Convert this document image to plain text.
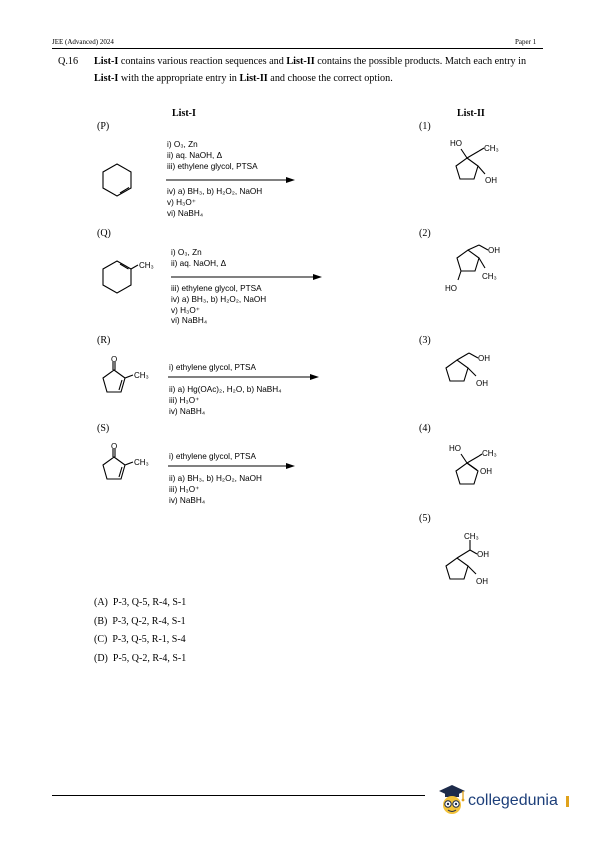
JEE (Advanced) 2024	Paper 1
Q.16 List-I contains various reaction sequences and List-II contains the possible products. Match each entry in List-I with the appropriate entry in List-II and choose the correct option.
List-I	List-II
(P)
(Q)
(R)
(S)
(1)
(2)
(3)
(4)
(5)
CH₃
O
CH₃
O
CH₃
i) O₃, Zn
ii) aq. NaOH, Δ
iii) ethylene glycol, PTSA
iv) a) BH₃, b) H₂O₂, NaOH
v) H₃O⁺
vi) NaBH₄
i) O₃, Zn
ii) aq. NaOH, Δ
iii) ethylene glycol, PTSA
iv) a) BH₃, b) H₂O₂, NaOH
v) H₃O⁺
vi) NaBH₄
i) ethylene glycol, PTSA
ii) a) Hg(OAc)₂, H₂O, b) NaBH₄
iii) H₃O⁺
iv) NaBH₄
i) ethylene glycol, PTSA
ii) a) BH₃, b) H₂O₂, NaOH
iii) H₃O⁺
iv) NaBH₄
HO
CH₃
OH
OH
CH₃
HO
OH
OH
HO
CH₃
OH
CH₃
OH
OH
(A) P-3, Q-5, R-4, S-1
(B) P-3, Q-2, R-4, S-1
(C) P-3, Q-5, R-1, S-4
(D) P-5, Q-2, R-4, S-1
collegedunia
